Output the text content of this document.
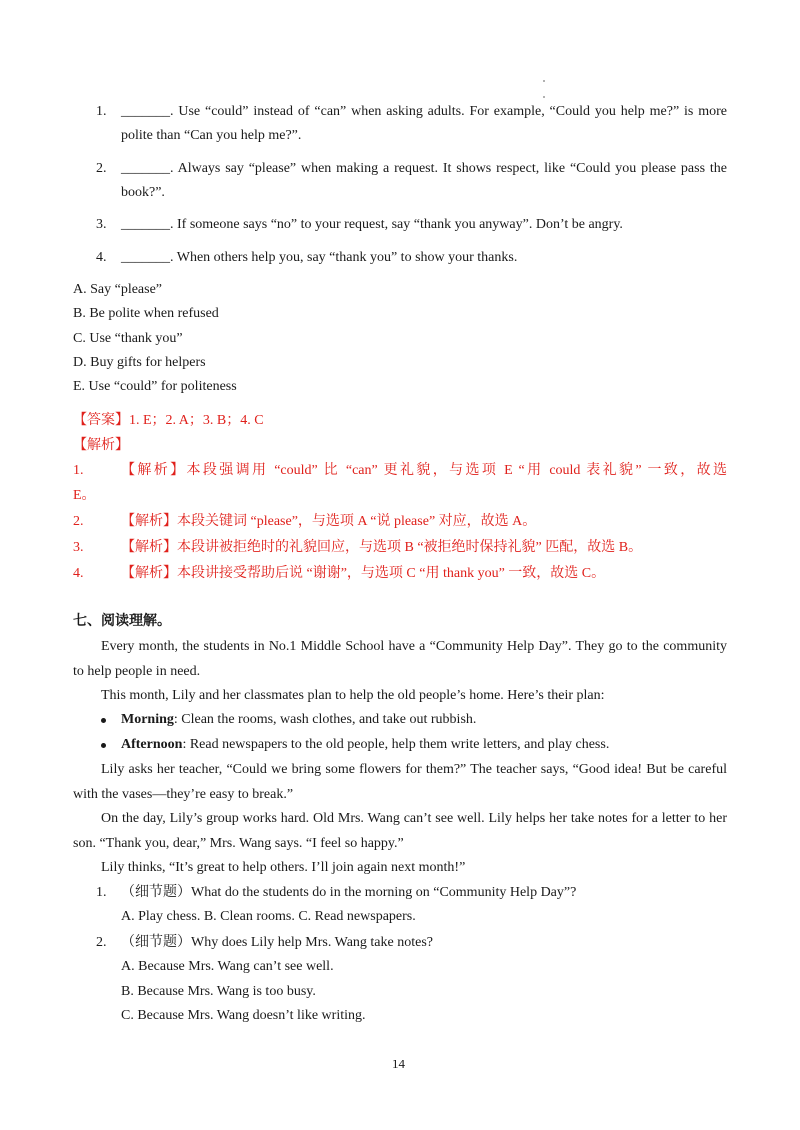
1. _______. Use “could” instead of “can” when asking adults. For example, “Could you help me?” is more
polite than “Can you help me?”.
2. _______. Always say “please” when making a request. It shows respect, like “Could you please pass the
book?”.
3. _______. If someone says “no” to your request, say “thank you anyway”. Don’t be angry.
4. _______. When others help you, say “thank you” to show your thanks.
A. Say “please”
B. Be polite when refused
C. Use “thank you”
D. Buy gifts for helpers
E. Use “could” for politeness
【答案】1. E；2. A；3. B；4. C
【解析】
1.	【解析】本段强调用 “could” 比 “can” 更礼貌，与选项 E “用 could 表礼貌” 一致，故选
E。
2.	【解析】本段关键词 “please”，与选项 A “说 please” 对应，故选 A。
3.	【解析】本段讲被拒绝时的礼貌回应，与选项 B “被拒绝时保持礼貌” 匹配，故选 B。
4.	【解析】本段讲接受帮助后说 “谢谢”，与选项 C “用 thank you” 一致，故选 C。
七、阅读理解。
Every month, the students in No.1 Middle School have a “Community Help Day”. They go to the community
to help people in need.
This month, Lily and her classmates plan to help the old people’s home. Here’s their plan:
Morning: Clean the rooms, wash clothes, and take out rubbish.
Afternoon: Read newspapers to the old people, help them write letters, and play chess.
Lily asks her teacher, “Could we bring some flowers for them?” The teacher says, “Good idea! But be careful
with the vases—they’re easy to break.”
On the day, Lily’s group works hard. Old Mrs. Wang can’t see well. Lily helps her take notes for a letter to her
son. “Thank you, dear,” Mrs. Wang says. “I feel so happy.”
Lily thinks, “It’s great to help others. I’ll join again next month!”
1. （细节题）What do the students do in the morning on “Community Help Day”?
A. Play chess. B. Clean rooms. C. Read newspapers.
2. （细节题）Why does Lily help Mrs. Wang take notes?
A. Because Mrs. Wang can’t see well.
B. Because Mrs. Wang is too busy.
C. Because Mrs. Wang doesn’t like writing.
14
